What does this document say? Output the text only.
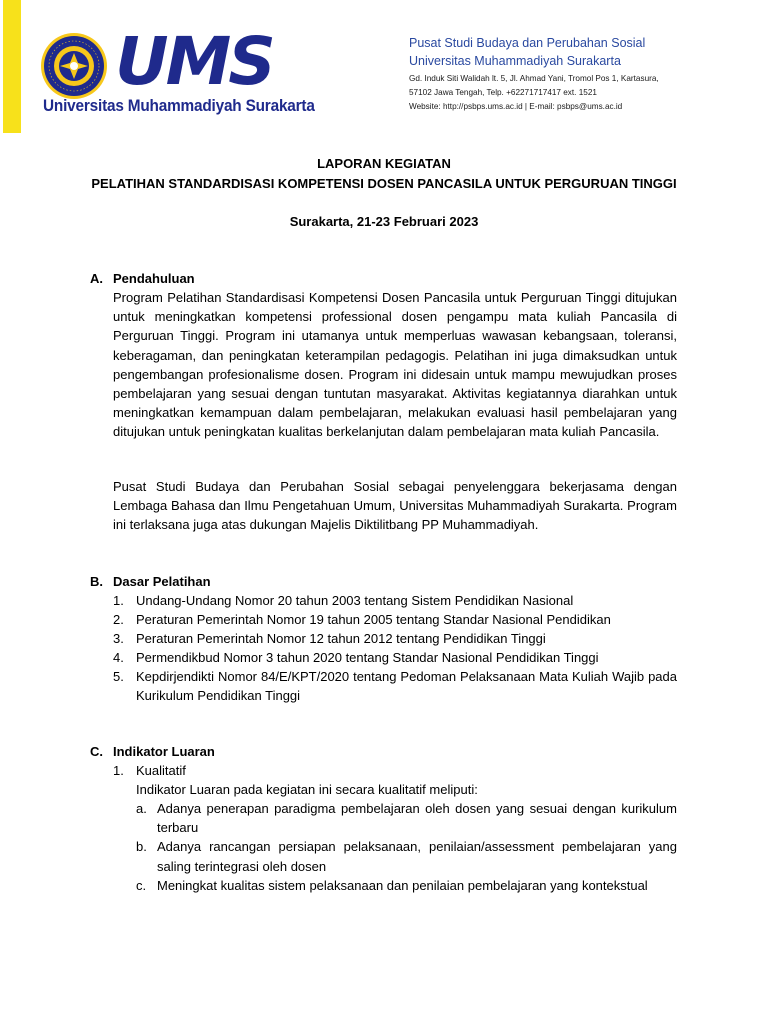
UMS
Universitas Muhammadiyah Surakarta
Pusat Studi Budaya dan Perubahan Sosial
Universitas Muhammadiyah Surakarta
Gd. Induk Siti Walidah lt. 5, Jl. Ahmad Yani, Tromol Pos 1, Kartasura,
57102 Jawa Tengah, Telp. +62271717417 ext. 1521
Website: http://psbps.ums.ac.id | E-mail: psbps@ums.ac.id
LAPORAN KEGIATAN
PELATIHAN STANDARDISASI KOMPETENSI DOSEN PANCASILA UNTUK PERGURUAN TINGGI
Surakarta, 21-23 Februari 2023
A. Pendahuluan
Program Pelatihan Standardisasi Kompetensi Dosen Pancasila untuk Perguruan Tinggi ditujukan untuk meningkatkan kompetensi professional dosen pengampu mata kuliah Pancasila di Perguruan Tinggi. Program ini utamanya untuk memperluas wawasan kebangsaan, toleransi, keberagaman, dan peningkatan keterampilan pedagogis. Pelatihan ini juga dimaksudkan untuk pengembangan profesionalisme dosen. Program ini didesain untuk mampu mewujudkan proses pembelajaran yang sesuai dengan tuntutan masyarakat. Aktivitas kegiatannya diarahkan untuk meningkatkan kemampuan dalam pembelajaran, melakukan evaluasi hasil pembelajaran yang ditujukan untuk peningkatan kualitas berkelanjutan dalam pembelajaran mata kuliah Pancasila.
Pusat Studi Budaya dan Perubahan Sosial sebagai penyelenggara bekerjasama dengan Lembaga Bahasa dan Ilmu Pengetahuan Umum, Universitas Muhammadiyah Surakarta. Program ini terlaksana juga atas dukungan Majelis Diktilitbang PP Muhammadiyah.
B. Dasar Pelatihan
1. Undang-Undang Nomor 20 tahun 2003 tentang Sistem Pendidikan Nasional
2. Peraturan Pemerintah Nomor 19 tahun 2005 tentang Standar Nasional Pendidikan
3. Peraturan Pemerintah Nomor 12 tahun 2012 tentang Pendidikan Tinggi
4. Permendikbud Nomor 3 tahun 2020 tentang Standar Nasional Pendidikan Tinggi
5. Kepdirjendikti Nomor 84/E/KPT/2020 tentang Pedoman Pelaksanaan Mata Kuliah Wajib pada Kurikulum Pendidikan Tinggi
C. Indikator Luaran
1. Kualitatif
Indikator Luaran pada kegiatan ini secara kualitatif meliputi:
a. Adanya penerapan paradigma pembelajaran oleh dosen yang sesuai dengan kurikulum terbaru
b. Adanya rancangan persiapan pelaksanaan, penilaian/assessment pembelajaran yang saling terintegrasi oleh dosen
c. Meningkat kualitas sistem pelaksanaan dan penilaian pembelajaran yang kontekstual
